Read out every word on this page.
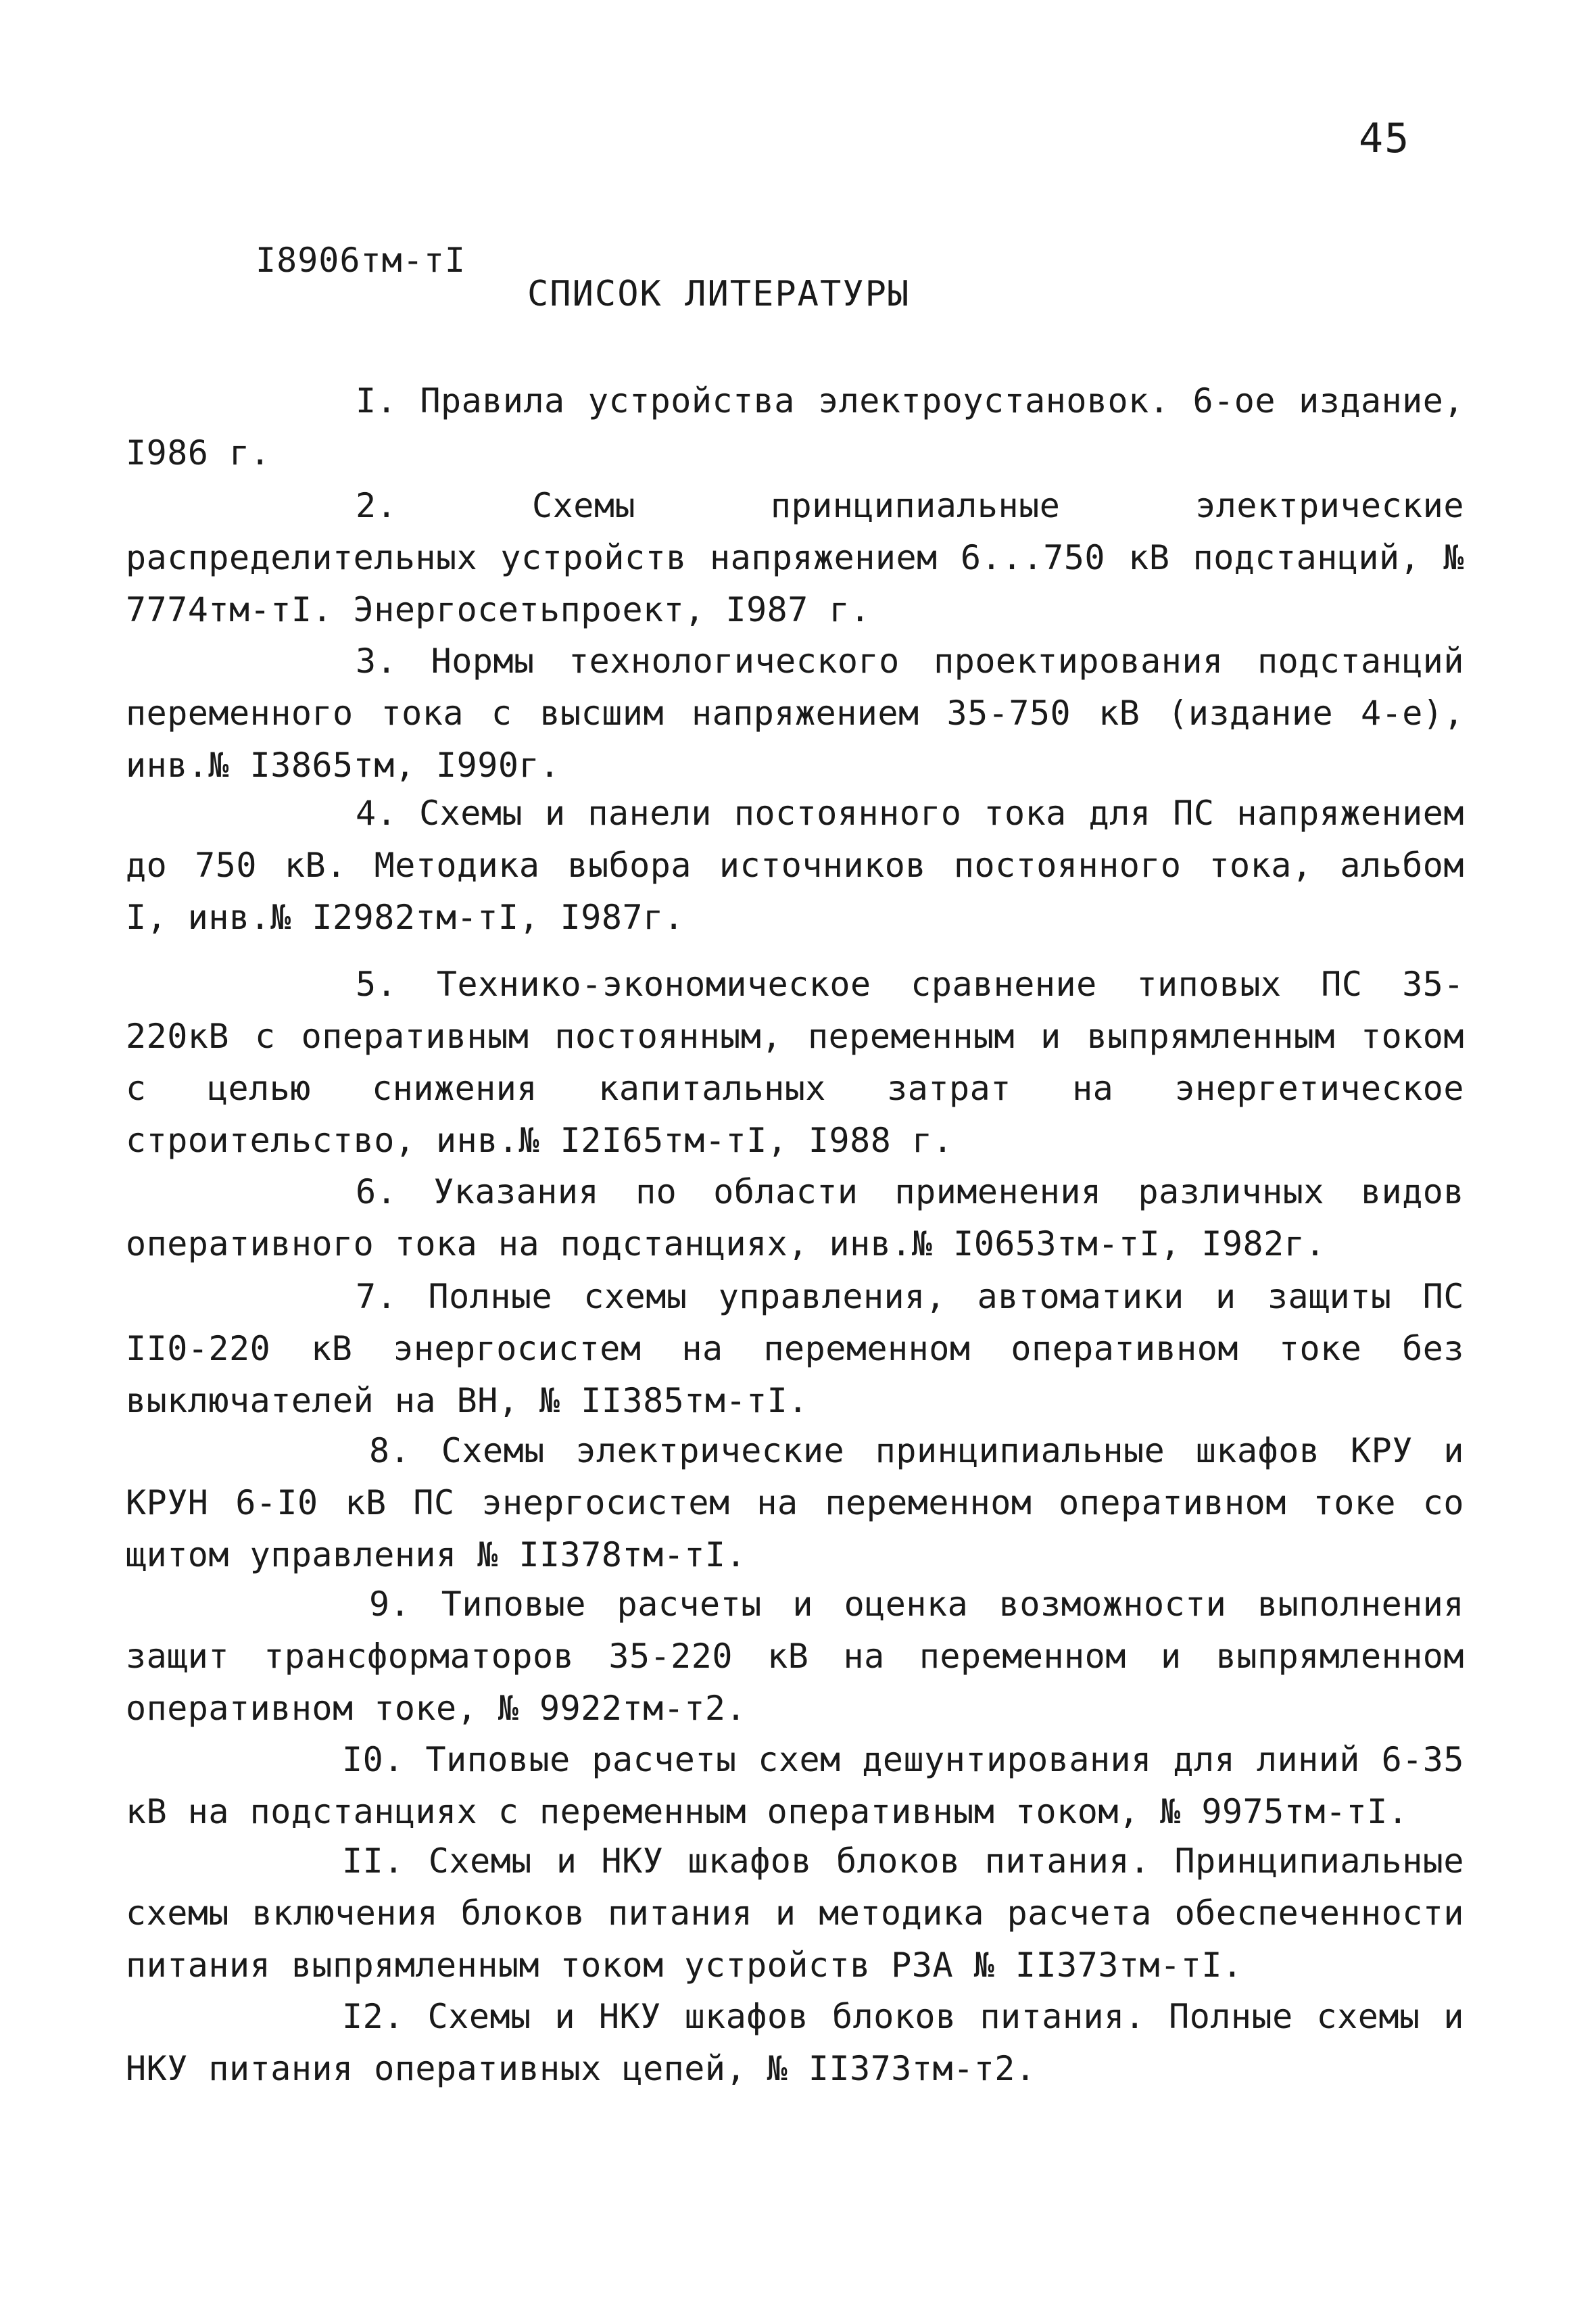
45
I8906тм-тI
СПИСОК ЛИТЕРАТУРЫ
I. Правила устройства электроустановок. 6-ое издание, I986 г.
2.	Схемы принципиальные электрические распределительных устройств напряжением 6...750 кВ подстанций, № 7774тм-тI. Энергосетьпроект, I987 г.
3. Нормы технологического проектирования подстанций переменного тока с высшим напряжением 35-750 кВ (издание 4-е), инв.№ I3865тм, I990г.
4. Схемы и панели постоянного тока для ПС напряжением до 750 кВ. Методика выбора источников постоянного тока, альбом I, инв.№ I2982тм-тI, I987г.
5. Технико-экономическое сравнение типовых ПС 35-220кВ с оперативным постоянным, переменным и выпрямленным током с целью снижения капитальных затрат на энергетическое строительство, инв.№ I2I65тм-тI, I988 г.
6. Указания по области применения различных видов оперативного тока на подстанциях, инв.№ I0653тм-тI, I982г.
7. Полные схемы управления, автоматики и защиты ПС II0-220 кВ энергосистем на переменном оперативном токе без выключателей на ВН, № II385тм-тI.
8. Схемы электрические принципиальные шкафов КРУ и КРУН 6-I0 кВ ПС энергосистем на переменном оперативном токе со щитом управления № II378тм-тI.
9. Типовые расчеты и оценка возможности выполнения защит трансформаторов 35-220 кВ на переменном и выпрямленном оперативном токе, № 9922тм-т2.
I0. Типовые расчеты схем дешунтирования для линий 6-35 кВ на подстанциях с переменным оперативным током, № 9975тм-тI.
II. Схемы и НКУ шкафов блоков питания. Принципиальные схемы включения блоков питания и методика расчета обеспеченности питания выпрямленным током устройств РЗА № II373тм-тI.
I2. Схемы и НКУ шкафов блоков питания. Полные схемы и НКУ питания оперативных цепей, № II373тм-т2.
